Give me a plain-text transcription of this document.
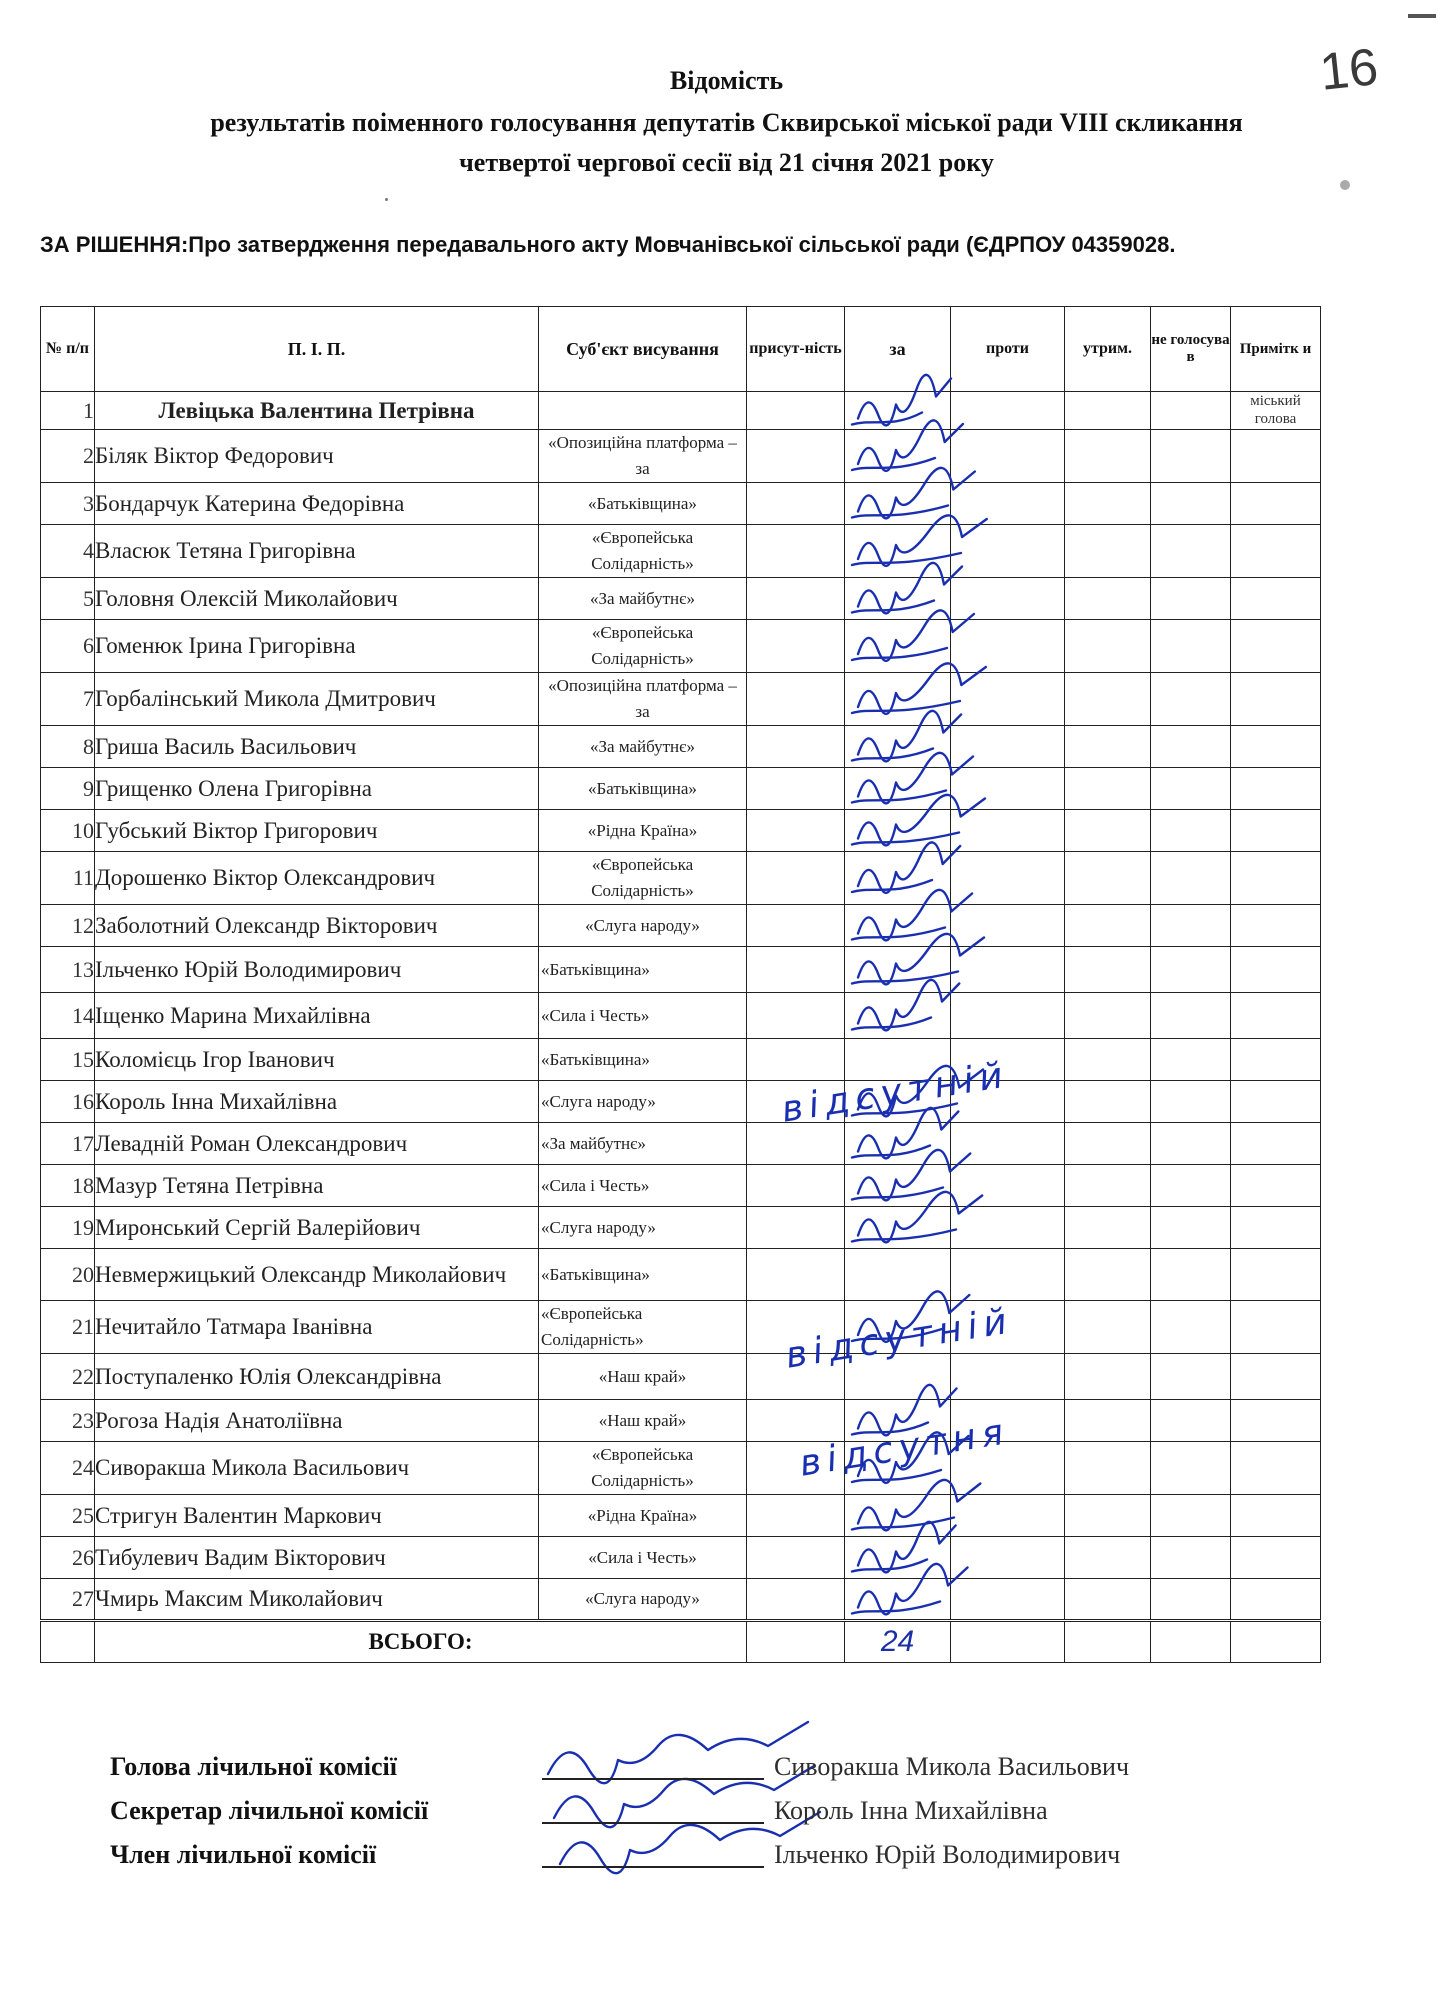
16
Відомість
результатів поіменного голосування депутатів Сквирської міської ради VIII скликання
четвертої чергової сесії від 21 січня 2021 року
ЗА РІШЕННЯ:Про затвердження передавального акту Мовчанівської сільської ради (ЄДРПОУ 04359028.
№ п/п	П. І. П.	Суб'єкт висування	присут-ність	за	проти	утрим.	не голосува в	Примітк и
1	Левіцька Валентина Петрівна							міський голова
2	Біляк Віктор Федорович	«Опозиційна платформа – за						
3	Бондарчук Катерина Федорівна	«Батьківщина»						
4	Власюк Тетяна Григорівна	«Європейська Солідарність»						
5	Головня Олексій Миколайович	«За майбутнє»						
6	Гоменюк Ірина Григорівна	«Європейська Солідарність»						
7	Горбалінський Микола Дмитрович	«Опозиційна платформа – за						
8	Гриша Василь Васильович	«За майбутнє»						
9	Грищенко Олена Григорівна	«Батьківщина»						
10	Губський Віктор Григорович	«Рідна Країна»						
11	Дорошенко Віктор Олександрович	«Європейська Солідарність»						
12	Заболотний Олександр Вікторович	«Слуга народу»						
13	Ільченко Юрій Володимирович	«Батьківщина»						
14	Іщенко Марина Михайлівна	«Сила і Честь»						
15	Коломієць Ігор Іванович	«Батьківщина»						
16	Король Інна Михайлівна	«Слуга народу»						
17	Левадній Роман Олександрович	«За майбутнє»						
18	Мазур Тетяна Петрівна	«Сила і Честь»						
19	Миронський Сергій Валерійович	«Слуга народу»						
20	Невмержицький Олександр Миколайович	«Батьківщина»						
21	Нечитайло Татмара Іванівна	«Європейська Солідарність»						
22	Поступаленко Юлія Олександрівна	«Наш край»						
23	Рогоза Надія Анатоліївна	«Наш край»						
24	Сиворакша Микола Васильович	«Європейська Солідарність»						
25	Стригун Валентин Маркович	«Рідна Країна»						
26	Тибулевич Вадим Вікторович	«Сила і Честь»						
27	Чмирь Максим Миколайович	«Слуга народу»						
	ВСЬОГО:			24				
відсутній
відсутній
відсутня
Голова лічильної комісії	Сиворакша Микола Васильович
Секретар лічильної комісії	Король Інна Михайлівна
Член лічильної комісії	Ільченко Юрій Володимирович
